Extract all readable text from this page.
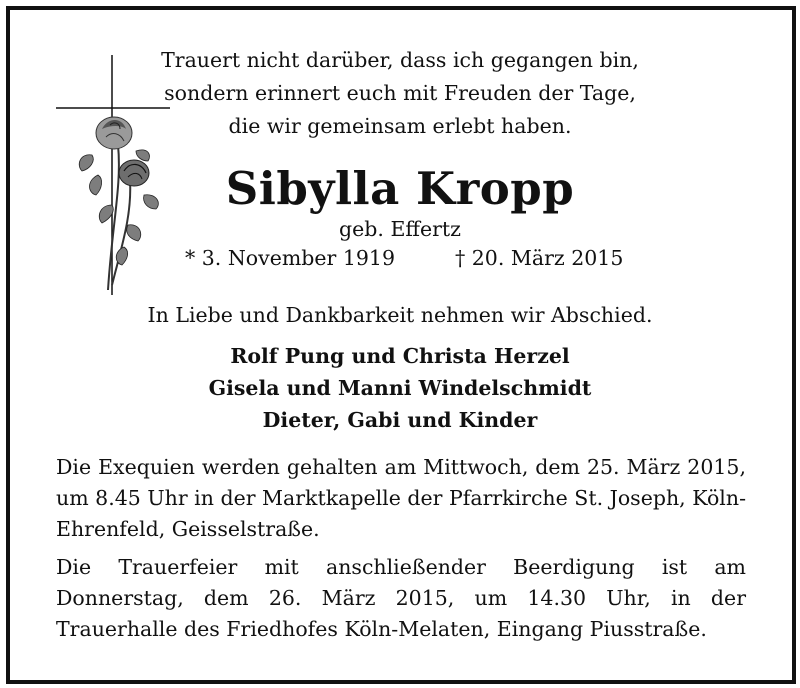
Trauert nicht darüber, dass ich gegangen bin,
sondern erinnert euch mit Freuden der Tage,
die wir gemeinsam erlebt haben.
Sibylla Kropp
geb. Effertz
* 3. November 1919	† 20. März 2015
In Liebe und Dankbarkeit nehmen wir Abschied.
Rolf Pung und Christa Herzel
Gisela und Manni Windelschmidt
Dieter, Gabi und Kinder
Die Exequien werden gehalten am Mittwoch, dem 25. März 2015, um 8.45 Uhr in der Marktkapelle der Pfarrkirche St. Joseph, Köln-Ehrenfeld, Geisselstraße.
Die Trauerfeier mit anschließender Beerdigung ist am Donnerstag, dem 26. März 2015, um 14.30 Uhr, in der Trauerhalle des Friedhofes Köln-Melaten, Eingang Piusstraße.
